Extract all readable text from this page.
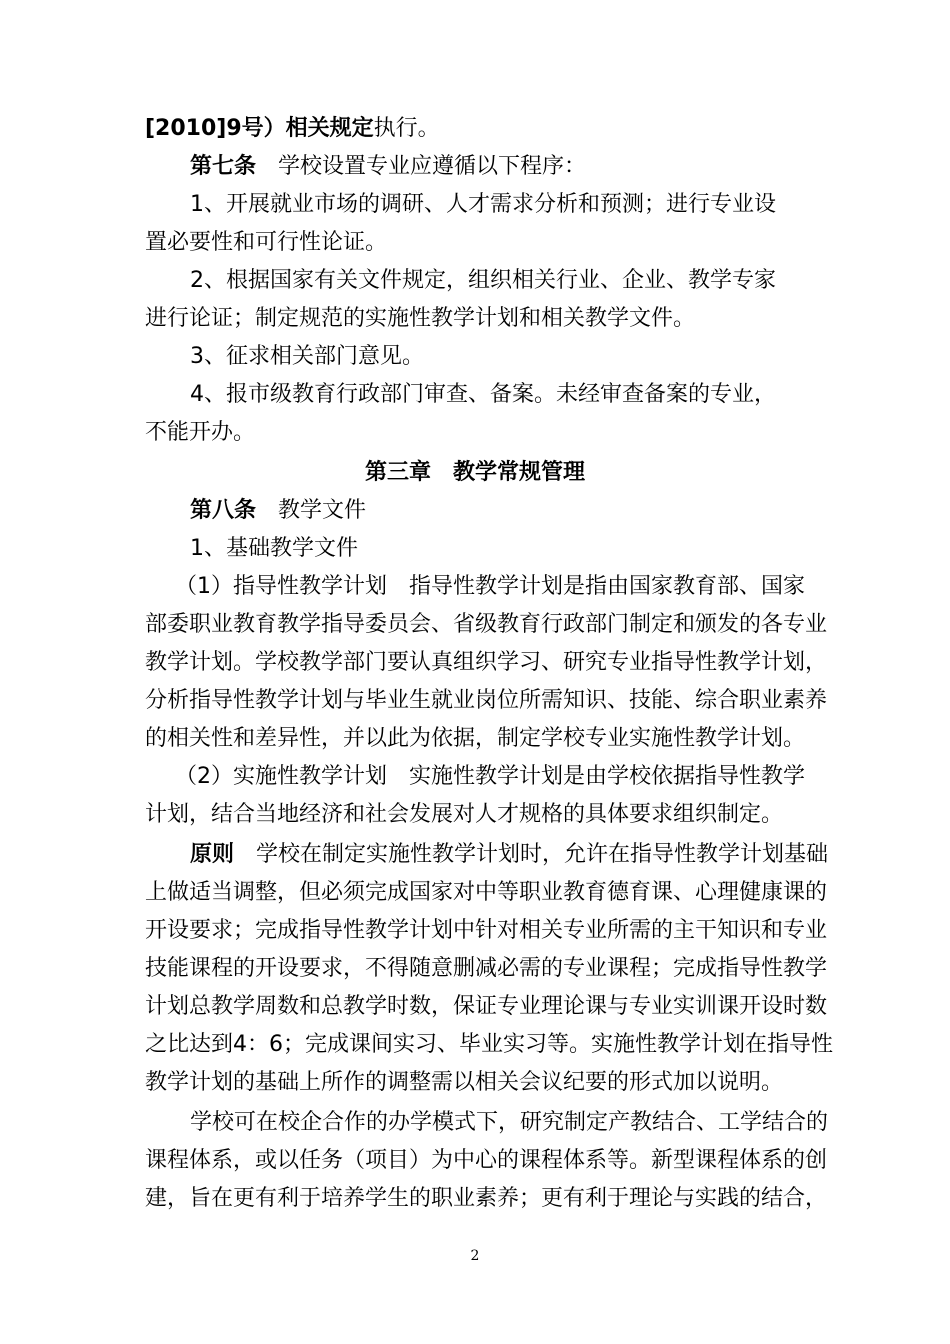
[2010]9号）相关规定执行。
第七条　学校设置专业应遵循以下程序：
1、开展就业市场的调研、人才需求分析和预测；进行专业设
置必要性和可行性论证。
2、根据国家有关文件规定，组织相关行业、企业、教学专家
进行论证；制定规范的实施性教学计划和相关教学文件。
3、征求相关部门意见。
4、报市级教育行政部门审查、备案。未经审查备案的专业，
不能开办。
第三章　教学常规管理
第八条　教学文件
1、基础教学文件
（1）指导性教学计划　指导性教学计划是指由国家教育部、国家
部委职业教育教学指导委员会、省级教育行政部门制定和颁发的各专业
教学计划。学校教学部门要认真组织学习、研究专业指导性教学计划，
分析指导性教学计划与毕业生就业岗位所需知识、技能、综合职业素养
的相关性和差异性，并以此为依据，制定学校专业实施性教学计划。
（2）实施性教学计划　实施性教学计划是由学校依据指导性教学
计划，结合当地经济和社会发展对人才规格的具体要求组织制定。
原则　学校在制定实施性教学计划时，允许在指导性教学计划基础
上做适当调整，但必须完成国家对中等职业教育德育课、心理健康课的
开设要求；完成指导性教学计划中针对相关专业所需的主干知识和专业
技能课程的开设要求，不得随意删减必需的专业课程；完成指导性教学
计划总教学周数和总教学时数，保证专业理论课与专业实训课开设时数
之比达到4：6；完成课间实习、毕业实习等。实施性教学计划在指导性
教学计划的基础上所作的调整需以相关会议纪要的形式加以说明。
学校可在校企合作的办学模式下，研究制定产教结合、工学结合的
课程体系，或以任务（项目）为中心的课程体系等。新型课程体系的创
建，旨在更有利于培养学生的职业素养；更有利于理论与实践的结合，
2
